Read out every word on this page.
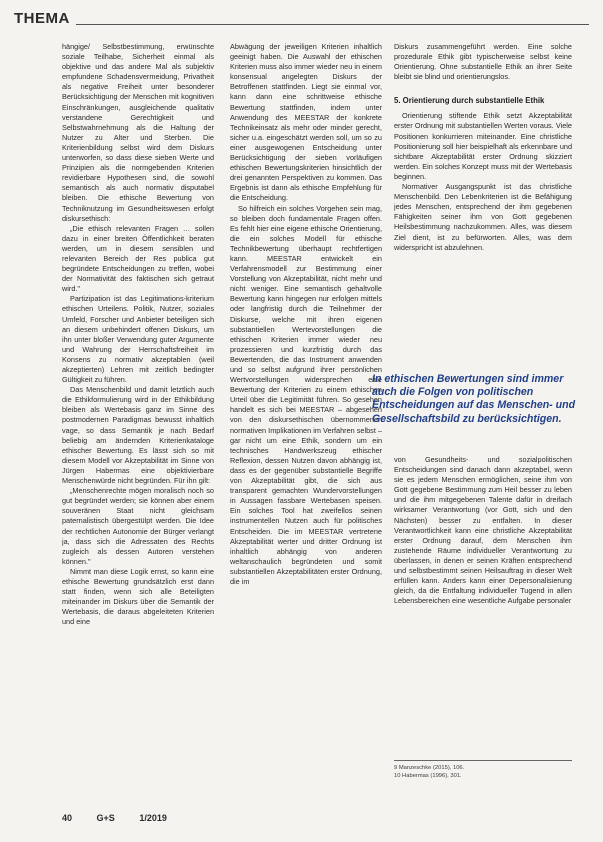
THEMA

hängige/ Selbstbestimmung, erwünschte soziale Teilhabe, Sicherheit einmal als objektive und das andere Mal als subjektiv empfundene Schadensvermeidung, Privatheit als negative Freiheit unter besonderer Berücksichtigung der Menschen mit kognitiven Einschränkungen, ausgleichende qualitativ verstandene Gerechtigkeit und Selbstwahrnehmung als die Haltung der Nutzer zu Alter und Sterben. Die Kriterienbildung selbst wird dem Diskurs unterworfen, so dass diese sieben Werte und Prinzipien als die normgebenden Kriterien revidierbare Hypothesen sind, die sowohl semantisch als auch normativ disputabel bleiben. Die ethische Bewertung von Techniknutzung im Gesundheitswesen erfolgt diskursethisch:

„Die ethisch relevanten Fragen … sollen dazu in einer breiten Öffentlichkeit beraten werden, um in diesem sensiblen und relevanten Bereich der Res publica gut begründete Entscheidungen zu treffen, wobei der Normativität des faktischen sich getraut wird."

Partizipation ist das Legitimations-kriterium ethischen Urteilens. Politik, Nutzer, soziales Umfeld, Forscher und Anbieter beteiligen sich an diesem unbehindert offenen Diskurs, um ihn unter bloßer Verwendung guter Argumente und Wahrung der Herrschaftsfreiheit im Konsens zu normativ akzeptablen (weil akzeptierten) Lehren mit zeitlich bedingter Gültigkeit zu führen.

Das Menschenbild und damit letztlich auch die Ethikformulierung wird in der Ethikbildung bleiben als Wertebasis ganz im Sinne des postmodernen Paradigmas bewusst inhaltlich vage, so dass Semantik je nach Bedarf beliebig am ändernden Kriterienkataloge ethischer Bewertung. Es lässt sich so mit diesem Modell vor Akzeptabilität im Sinne von Jürgen Habermas eine objektivierbare Menschenwürde nicht begründen. Für ihn gilt:

„Menschenrechte mögen moralisch noch so gut begründet werden; sie können aber einem souveränen Staat nicht gleichsam paternalistisch übergestülpt werden. Die Idee der rechtlichen Autonomie der Bürger verlangt ja, dass sich die Adressaten des Rechts zugleich als dessen Autoren verstehen können."

Nimmt man diese Logik ernst, so kann eine ethische Bewertung grundsätzlich erst dann statt finden, wenn sich alle Beteiligten miteinander im Diskurs über die Semantik der Wertebasis, die daraus abgeleiteten Kriterien und eine

Abwägung der jeweiligen Kriterien inhaltlich geeinigt haben. Die Auswahl der ethischen Kriterien muss also immer wieder neu in einem konsensual angelegten Diskurs der Betroffenen stattfinden. Liegt sie einmal vor, kann dann eine schrittweise ethische Bewertung stattfinden, indem unter Anwendung des MEESTAR der konkrete Technikeinsatz als mehr oder minder gerecht, sicher u.a. eingeschätzt werden soll, um so zu einer ausgewogenen Entscheidung unter Berücksichtigung der sieben vorläufigen ethischen Bewertungskriterien hinsichtlich der drei genannten Perspektiven zu kommen. Das Ergebnis ist dann als ethische Empfehlung für die Entscheidung.

So hilfreich ein solches Vorgehen sein mag, so bleiben doch fundamentale Fragen offen. Es fehlt hier eine eigene ethische Orientierung, die ein solches Modell für ethische Technikbewertung überhaupt rechtfertigen kann. MEESTAR entwickelt ein Verfahrensmodell zur Bestimmung einer Vorstellung von Akzeptabilität, nicht mehr und nicht weniger. Eine semantisch gehaltvolle Bewertung kann hingegen nur erfolgen mittels oder langfristig durch die Teilnehmer der Diskurse, welche mit ihren eigenen substantiellen Wertevorstellungen die ethischen Kriterien immer wieder neu prozessieren und kurzfristig durch das Bewertenden, die das Instrument anwenden und so selbst aufgrund ihrer persönlichen Wertvorstellungen widersprechen eine Bewertung der Kriterien zu einem ethischen Urteil über die Legitimität führen. So gesehen handelt es sich bei MEESTAR – abgesehen von den diskursethischen übernommenen normativen Implikationen im Verfahren selbst – gar nicht um eine Ethik, sondern um ein technisches Handwerkszeug ethischer Reflexion, dessen Nutzen davon abhängig ist, dass es der gegenüber substantielle Begriffe von Akzeptabilität gibt, die sich aus transparent gemachten Wundervorstellungen in Aussagen fassbare Wertebasen speisen. Ein solches Tool hat zweifellos seinen instrumentellen Nutzen auch für politisches Entscheiden. Die im MEESTAR vertretene Akzeptabilität werter und dritter Ordnung ist inhaltlich abhängig von anderen weltanschaulich begründeten und somit substantiellen Akzeptabilitäten erster Ordnung, die im

Diskurs zusammengeführt werden. Eine solche prozedurale Ethik gibt typischerweise selbst keine Orientierung. Ohne substantielle Ethik an ihrer Seite bleibt sie blind und orientierungslos.

5. Orientierung durch substantielle Ethik

Orientierung stiftende Ethik setzt Akzeptabilität erster Ordnung mit substantiellen Werten voraus. Viele Positionen konkurrieren miteinander. Eine christliche Positionierung soll hier beispielhaft als erkennbare und sichtbare Akzeptabilität erster Ordnung skizziert werden. Ein solches Konzept muss mit der Wertebasis beginnen.

Normativer Ausgangspunkt ist das christliche Menschenbild. Den Lebenkriterien ist die Befähigung jedes Menschen, entsprechend der ihm gegebenen Fähigkeiten seiner ihm von Gott gegebenen Heilsbestimmung nachzukommen. Alles, was diesem Ziel dient, ist zu befürworten. Alles, was dem widerspricht ist abzulehnen.

In ethischen Bewertungen sind immer auch die Folgen von politischen Entscheidungen auf das Menschen- und Gesellschaftsbild zu berücksichtigen.

von Gesundheits- und sozialpolitischen Entscheidungen sind danach dann akzeptabel, wenn sie es jedem Menschen ermöglichen, seine ihm von Gott gegebene Bestimmung zum Heil besser zu leben und die ihm mitgegebenen Talente dafür in dreifach wirksamer Verantwortung (vor Gott, sich und den Nächsten) besser zu entfalten. In dieser Verantwortlichkeit kann eine christliche Akzeptabilität erster Ordnung darauf, dem Menschen ihm zustehende Räume individueller Verantwortung zu überlassen, in denen er seinen Kräften entsprechend und selbstbestimmt seinen Heilsauftrag in dieser Welt erfüllen kann. Anders kann einer Depersonalisierung gleich, da die Entfaltung individueller Tugend in allen Lebensbereichen eine wesentliche Aufgabe personaler

9 Manzeschke (2015), 106.
10 Habermas (1996), 301.
40	G+S	1/2019
